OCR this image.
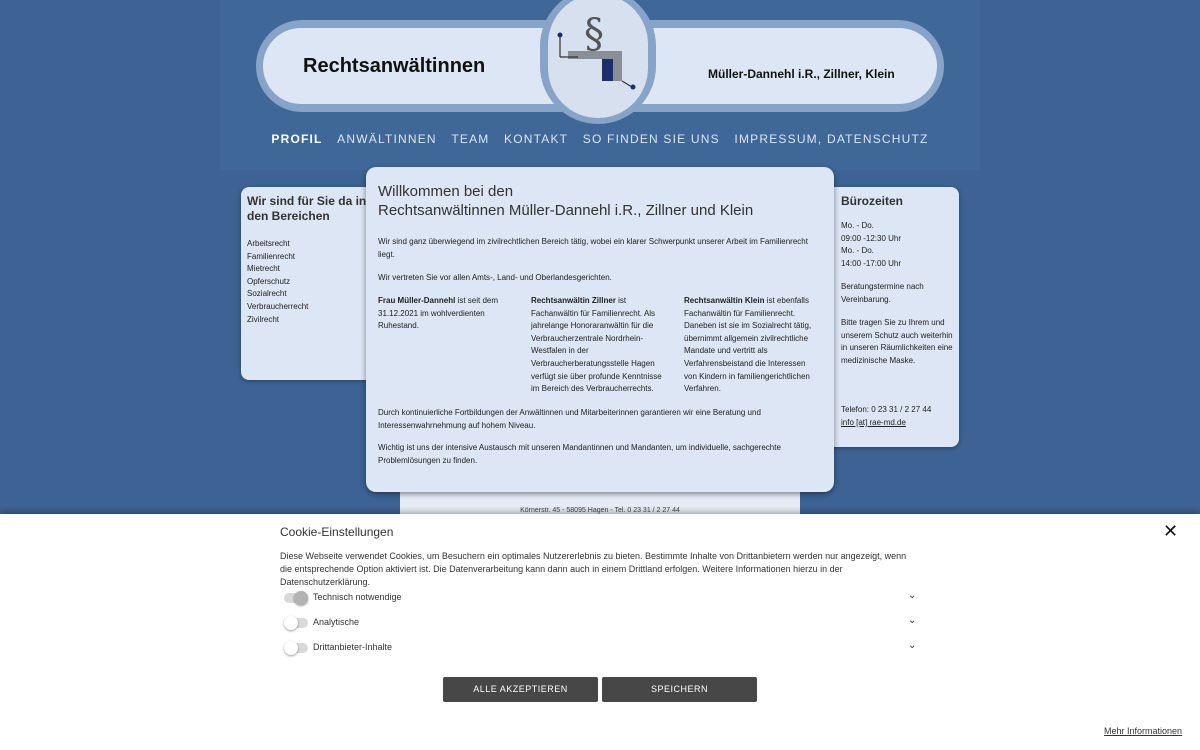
§
Rechtsanwältinnen	Müller-Dannehl i.R., Zillner, Klein
PROFIL ANWÄLTINNEN TEAM KONTAKT SO FINDEN SIE UNS IMPRESSUM, DATENSCHUTZ
Körnerstr. 45 - 58095 Hagen - Tel. 0 23 31 / 2 27 44
Wir sind für Sie da in den Bereichen
Arbeitsrecht
Familienrecht
Mietrecht
Opferschutz
Sozialrecht
Verbraucherrecht
Zivilrecht
Willkommen bei den
Rechtsanwältinnen Müller-Dannehl i.R., Zillner und Klein
Wir sind ganz überwiegend im zivilrechtlichen Bereich tätig, wobei ein klarer Schwerpunkt unserer Arbeit im Familienrecht liegt.
Wir vertreten Sie vor allen Amts-, Land- und Oberlandesgerichten.
Frau Müller-Dannehl ist seit dem 31.12.2021 im wohlverdienten Ruhestand.
Rechtsanwältin Zillner ist Fachanwältin für Familienrecht. Als jahrelange Honoraranwältin für die Verbraucherzentrale Nordrhein-Westfalen in der Verbraucherberatungsstelle Hagen verfügt sie über profunde Kenntnisse im Bereich des Verbraucherrechts.
Rechtsanwältin Klein ist ebenfalls Fachanwältin für Familienrecht. Daneben ist sie im Sozialrecht tätig, übernimmt allgemein zivilrechtliche Mandate und vertritt als Verfahrensbeistand die Interessen von Kindern in familiengerichtlichen Verfahren.
Durch kontinuierliche Fortbildungen der Anwältinnen und Mitarbeiterinnen garantieren wir eine Beratung und Interessenwahrnehmung auf hohem Niveau.
Wichtig ist uns der intensive Austausch mit unseren Mandantinnen und Mandanten, um individuelle, sachgerechte Problemlösungen zu finden.
Bürozeiten
Mo. - Do.
09:00 -12:30 Uhr
Mo. - Do.
14:00 -17:00 Uhr
Beratungstermine nach Vereinbarung.
Bitte tragen Sie zu Ihrem und unserem Schutz auch weiterhin in unseren Räumlichkeiten eine medizinische Maske.
Telefon: 0 23 31 / 2 27 44
info [at] rae-md.de
Cookie-Einstellungen	✕
Diese Webseite verwendet Cookies, um Besuchern ein optimales Nutzererlebnis zu bieten. Bestimmte Inhalte von Drittanbietern werden nur angezeigt, wenn die entsprechende Option aktiviert ist. Die Datenverarbeitung kann dann auch in einem Drittland erfolgen. Weitere Informationen hierzu in der Datenschutzerklärung.
Technisch notwendige	⌄
Analytische	⌄
Drittanbieter-Inhalte	⌄
ALLE AKZEPTIEREN	SPEICHERN
Mehr Informationen
